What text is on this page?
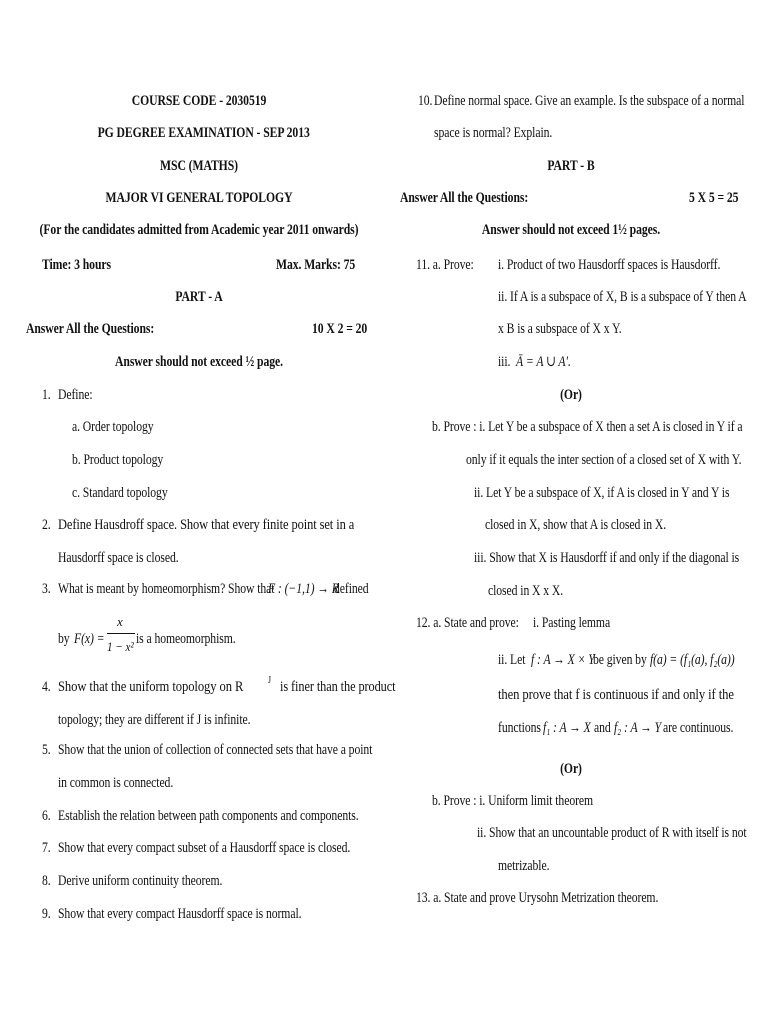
COURSE CODE - 2030519
PG DEGREE EXAMINATION - SEP 2013
MSC (MATHS)
MAJOR VI GENERAL TOPOLOGY
(For the candidates admitted from Academic year 2011 onwards)
Time: 3 hours	Max. Marks: 75
PART - A
Answer All the Questions:	10 X 2 = 20
Answer should not exceed ½ page.
1. Define:
a. Order topology
b. Product topology
c. Standard topology
2. Define Hausdroff space. Show that every finite point set in a
Hausdorff space is closed.
3. What is meant by homeomorphism? Show that
F : (−1,1) → R
defined
by F(x) =
x
1 − x² is a homeomorphism.
4. Show that the uniform topology on R J is finer than the product
topology; they are different if J is infinite.
5. Show that the union of collection of connected sets that have a point
in common is connected.
6. Establish the relation between path components and components.
7. Show that every compact subset of a Hausdorff space is closed.
8. Derive uniform continuity theorem.
9. Show that every compact Hausdorff space is normal.
10. Define normal space. Give an example. Is the subspace of a normal
space is normal? Explain.
PART - B
Answer All the Questions:	5 X 5 = 25
Answer should not exceed 1½ pages.
11. a. Prove: i. Product of two Hausdorff spaces is Hausdorff.
ii. If A is a subspace of X, B is a subspace of Y then A
x B is a subspace of X x Y.
iii. Ā = A ∪ A′.
(Or)
b. Prove : i. Let Y be a subspace of X then a set A is closed in Y if a
only if it equals the inter section of a closed set of X with Y.
ii. Let Y be a subspace of X, if A is closed in Y and Y is
closed in X, show that A is closed in X.
iii. Show that X is Hausdorff if and only if the diagonal is
closed in X x X.
12. a. State and prove: i. Pasting lemma
ii. Let f : A → X × Y
be given by f(a) = (f₁(a), f₂(a))
then prove that f is continuous if and only if the
functions f₁ : A → X and f₂ : A → Y are continuous.
(Or)
b. Prove : i. Uniform limit theorem
ii. Show that an uncountable product of R with itself is not
metrizable.
13. a. State and prove Urysohn Metrization theorem.
